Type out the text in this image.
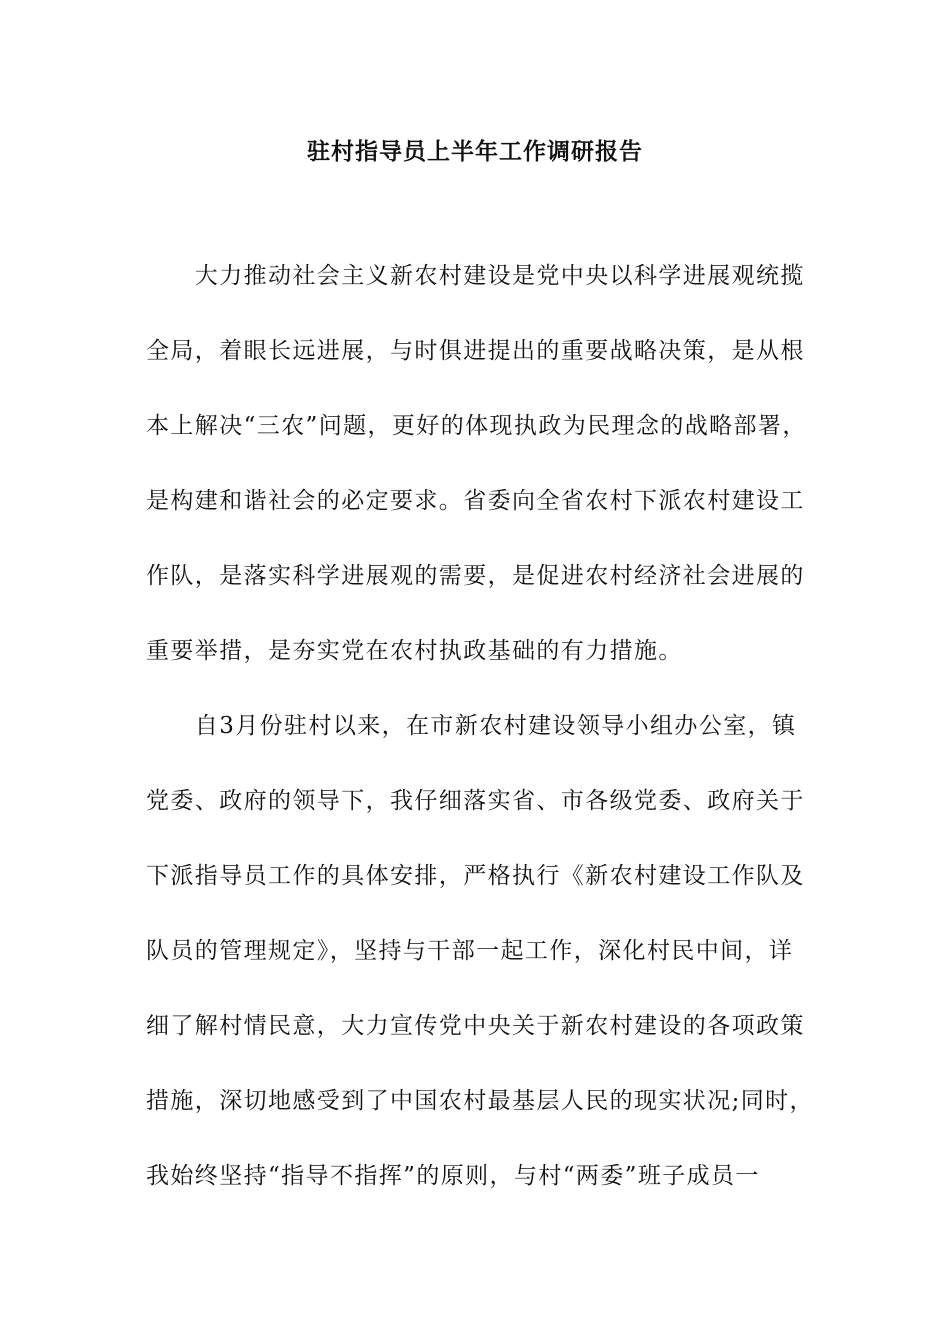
驻村指导员上半年工作调研报告
　　大力推动社会主义新农村建设是党中央以科学进展观统揽
全局，着眼长远进展，与时俱进提出的重要战略决策，是从根
本上解决“三农”问题，更好的体现执政为民理念的战略部署，
是构建和谐社会的必定要求。省委向全省农村下派农村建设工
作队，是落实科学进展观的需要，是促进农村经济社会进展的
重要举措，是夯实党在农村执政基础的有力措施。
　　自3月份驻村以来，在市新农村建设领导小组办公室，镇
党委、政府的领导下，我仔细落实省、市各级党委、政府关于
下派指导员工作的具体安排，严格执行《新农村建设工作队及
队员的管理规定》，坚持与干部一起工作，深化村民中间，详
细了解村情民意，大力宣传党中央关于新农村建设的各项政策
措施，深切地感受到了中国农村最基层人民的现实状况;同时，
我始终坚持“指导不指挥”的原则，与村“两委”班子成员一
